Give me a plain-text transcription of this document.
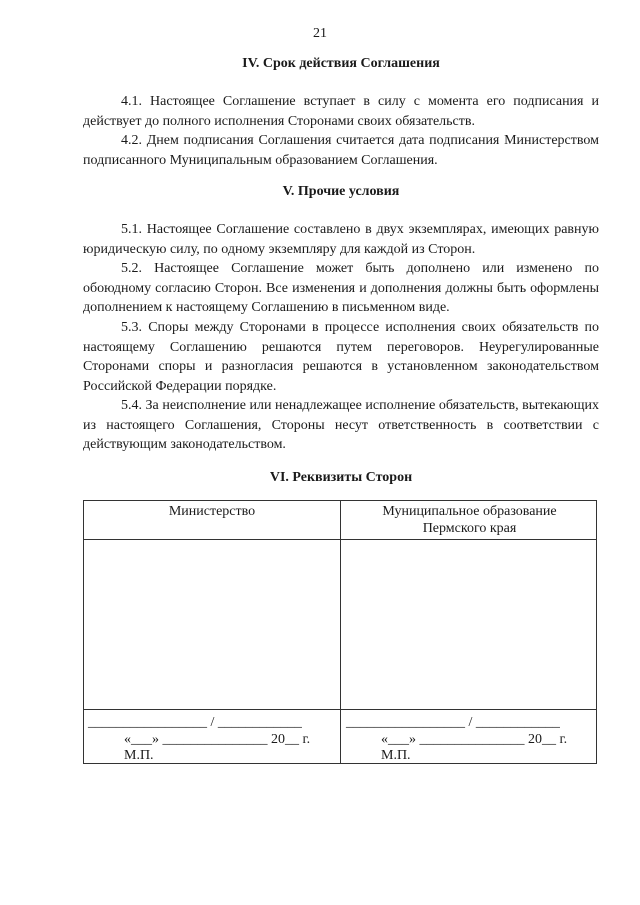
21
IV. Срок действия Соглашения

4.1. Настоящее Соглашение вступает в силу с момента его подписания и действует до полного исполнения Сторонами своих обязательств.

4.2. Днем подписания Соглашения считается дата подписания Министерством подписанного Муниципальным образованием Соглашения.

V. Прочие условия

5.1. Настоящее Соглашение составлено в двух экземплярах, имеющих равную юридическую силу, по одному экземпляру для каждой из Сторон.

5.2. Настоящее Соглашение может быть дополнено или изменено по обоюдному согласию Сторон. Все изменения и дополнения должны быть оформлены дополнением к настоящему Соглашению в письменном виде.

5.3. Споры между Сторонами в процессе исполнения своих обязательств по настоящему Соглашению решаются путем переговоров. Неурегулированные Сторонами споры и разногласия решаются в установленном законодательством Российской Федерации порядке.

5.4. За неисполнение или ненадлежащее исполнение обязательств, вытекающих из настоящего Соглашения, Стороны несут ответственность в соответствии с действующим законодательством.

VI. Реквизиты Сторон
Министерство	Муниципальное образование Пермского края
_________________ / ____________
«___» _______________ 20__ г.
М.П.
_________________ / ____________
«___» _______________ 20__ г.
М.П.
